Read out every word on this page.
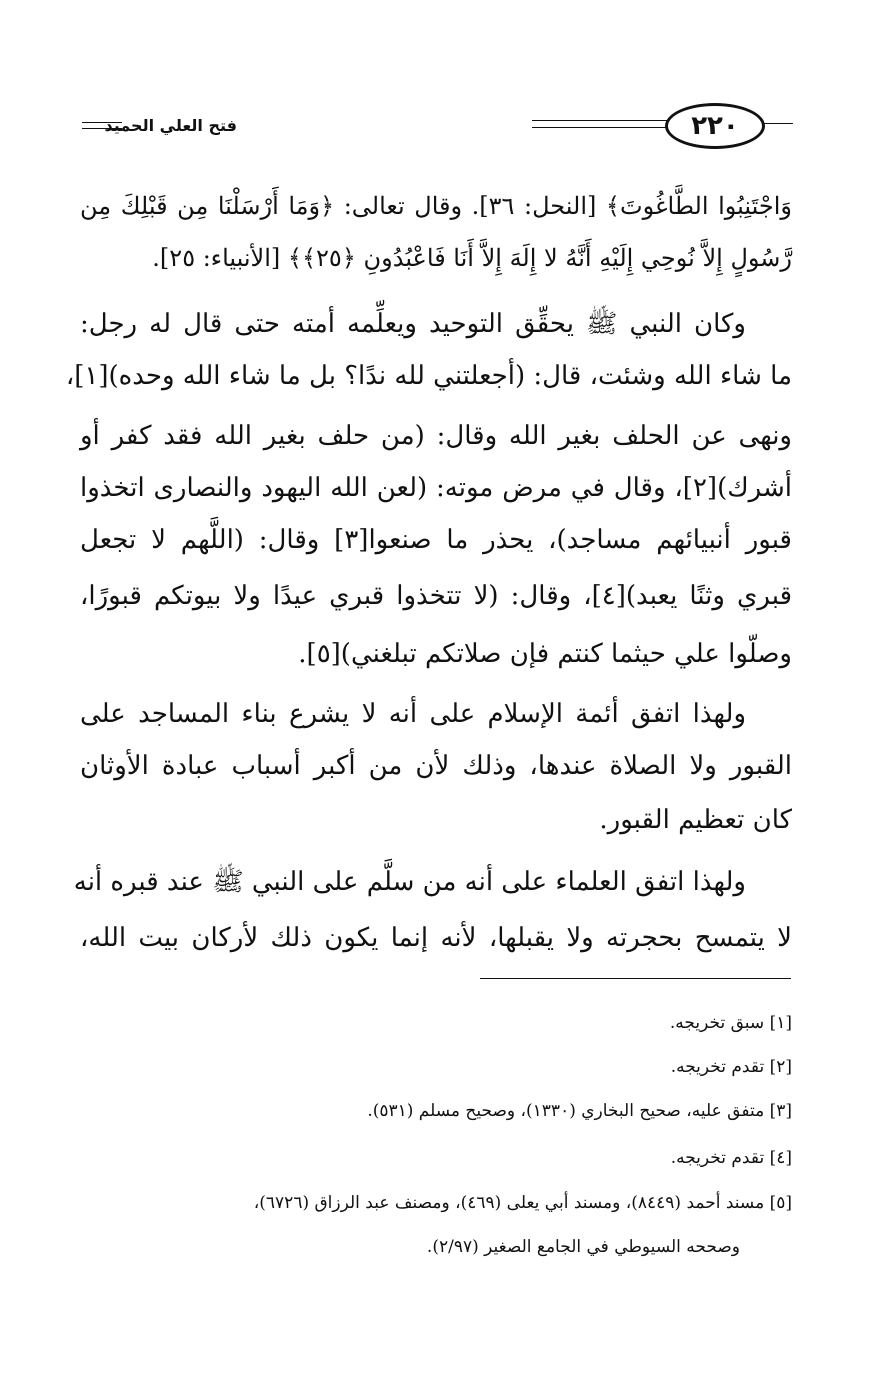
فتح العلي الحميد	٢٢٠
وَاجْتَنِبُوا الطَّاغُوتَ﴾ [النحل: ٣٦]. وقال تعالى: ﴿وَمَا أَرْسَلْنَا مِن قَبْلِكَ مِن
رَّسُولٍ إِلاَّ نُوحِي إِلَيْهِ أَنَّهُ لا إِلَهَ إِلاَّ أَنَا فَاعْبُدُونِ ﴿٢٥﴾﴾ [الأنبياء: ٢٥].
وكان النبي ﷺ يحقِّق التوحيد ويعلِّمه أمته حتى قال له رجل:
ما شاء الله وشئت، قال: (أجعلتني لله ندًا؟ بل ما شاء الله وحده)[١]،
ونهى عن الحلف بغير الله وقال: (من حلف بغير الله فقد كفر أو
أشرك)[٢]، وقال في مرض موته: (لعن الله اليهود والنصارى اتخذوا
قبور أنبيائهم مساجد)، يحذر ما صنعوا[٣] وقال: (اللَّهم لا تجعل
قبري وثنًا يعبد)[٤]، وقال: (لا تتخذوا قبري عيدًا ولا بيوتكم قبورًا،
وصلّوا علي حيثما كنتم فإن صلاتكم تبلغني)[٥].
ولهذا اتفق أئمة الإسلام على أنه لا يشرع بناء المساجد على
القبور ولا الصلاة عندها، وذلك لأن من أكبر أسباب عبادة الأوثان
كان تعظيم القبور.
ولهذا اتفق العلماء على أنه من سلَّم على النبي ﷺ عند قبره أنه
لا يتمسح بحجرته ولا يقبلها، لأنه إنما يكون ذلك لأركان بيت الله،
[١] سبق تخريجه.
[٢] تقدم تخريجه.
[٣] متفق عليه، صحيح البخاري (١٣٣٠)، وصحيح مسلم (٥٣١).
[٤] تقدم تخريجه.
[٥] مسند أحمد (٨٤٤٩)، ومسند أبي يعلى (٤٦٩)، ومصنف عبد الرزاق (٦٧٢٦)،
وصححه السيوطي في الجامع الصغير (٢/٩٧).
